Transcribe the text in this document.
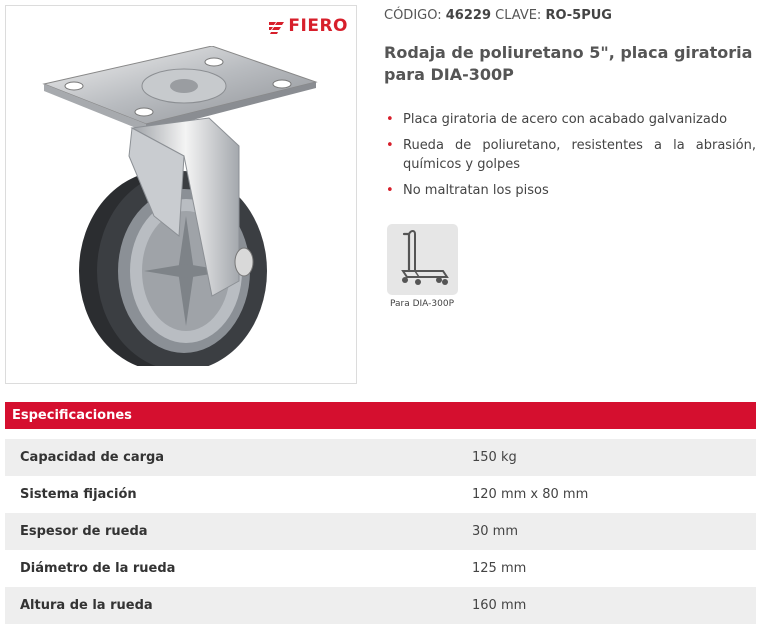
FIERO
CÓDIGO: 46229 CLAVE: RO-5PUG
Rodaja de poliuretano 5", placa giratoria para DIA-300P
• Placa giratoria de acero con acabado galvanizado
• Rueda de poliuretano, resistentes a la abrasión, químicos y golpes
• No maltratan los pisos
Para DIA-300P
Especificaciones
Capacidad de carga	150 kg
Sistema fijación	120 mm x 80 mm
Espesor de rueda	30 mm
Diámetro de la rueda	125 mm
Altura de la rueda	160 mm
